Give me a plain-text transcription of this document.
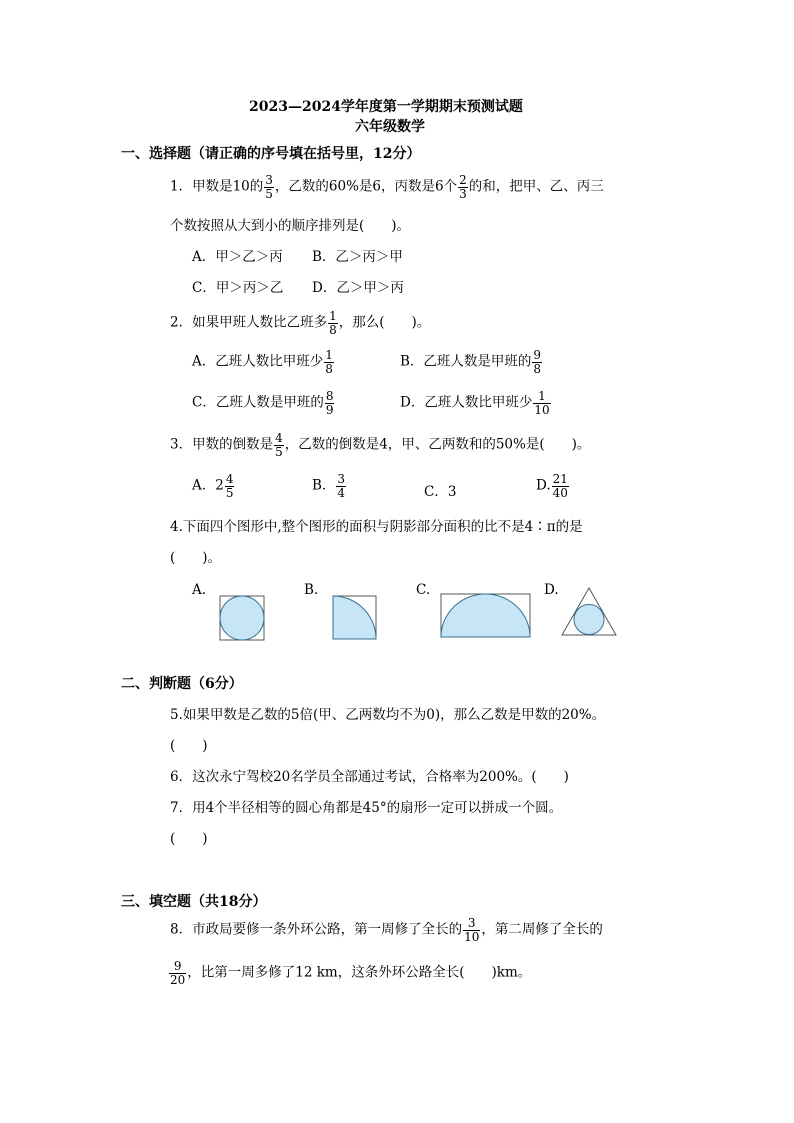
2023—2024学年度第一学期期末预测试题
六年级数学
一、选择题（请正确的序号填在括号里，12分）
1．甲数是10的 $\frac{3}{5}$ ，乙数的60%是6，丙数是6个 $\frac{2}{3}$ 的和，把甲、乙、丙三
个数按照从大到小的顺序排列是(　　)。
A．甲＞乙＞丙 B．乙＞丙＞甲
C．甲＞丙＞乙 D．乙＞甲＞丙
2．如果甲班人数比乙班多 $\frac{1}{8}$ ，那么(　　)。
A．乙班人数比甲班少 $\frac{1}{8}$	B．乙班人数是甲班的 $\frac{9}{8}$
C．乙班人数是甲班的 $\frac{8}{9}$	D．乙班人数比甲班少 $\frac{1}{10}$
3．甲数的倒数是 $\frac{4}{5}$ ，乙数的倒数是4，甲、乙两数和的50%是(　　)。
A．$2 \frac{4}{5}$	B． $\frac{3}{4}$	C．3	D. $\frac{21}{40}$
4.下面四个图形中,整个图形的面积与阴影部分面积的比不是4∶π的是
(　　)。
A.	B.	C.	D.
二、判断题（6分）
5.如果甲数是乙数的5倍(甲、乙两数均不为0)，那么乙数是甲数的20%。
(　　)
6．这次永宁驾校20名学员全部通过考试，合格率为200%。(　　)
7．用4个半径相等的圆心角都是45°的扇形一定可以拼成一个圆。
(　　)
三、填空题（共18分）
8．市政局要修一条外环公路，第一周修了全长的 $\frac{3}{10}$ ，第二周修了全长的
$\frac{9}{20}$ ，比第一周多修了12 km，这条外环公路全长(　　)km。
